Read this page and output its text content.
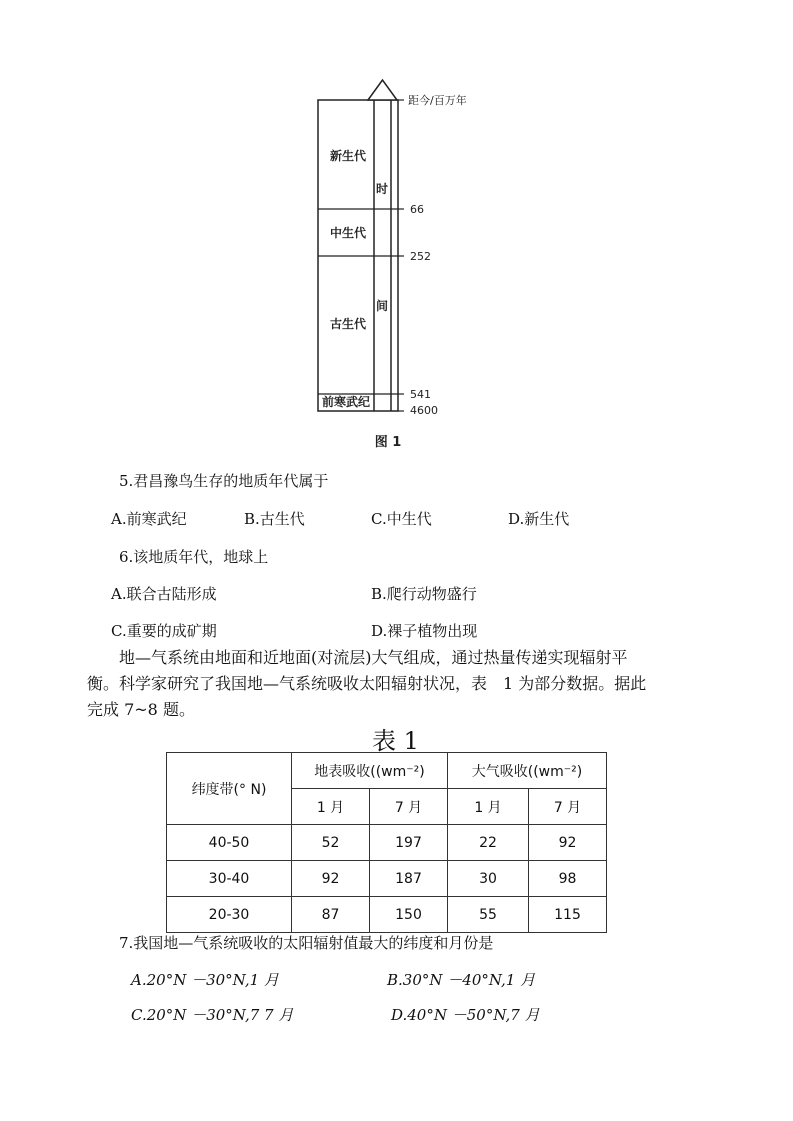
新生代
中生代
古生代
前寒武纪
时
间
距今/百万年
66
252
541
4600
图 1
5.君昌豫鸟生存的地质年代属于
A.前寒武纪	B.古生代	C.中生代	D.新生代
6.该地质年代，地球上
A.联合古陆形成	B.爬行动物盛行
C.重要的成矿期	D.裸子植物出现
地—气系统由地面和近地面(对流层)大气组成，通过热量传递实现辐射平
衡。科学家研究了我国地—气系统吸收太阳辐射状况，表　1 为部分数据。据此
完成 7~8 题。
表 1
纬度带(° N)	地表吸收((wm⁻²)		大气吸收((wm⁻²)	
	1 月	7 月	1 月	7 月
40-50	52	197	22	92
30-40	92	187	30	98
20-30	87	150	55	115
7.我国地—气系统吸收的太阳辐射值最大的纬度和月份是
A.20°N －30°N,1 月	B.30°N －40°N,1 月
C.20°N －30°N,7 7 月	D.40°N －50°N,7 月
